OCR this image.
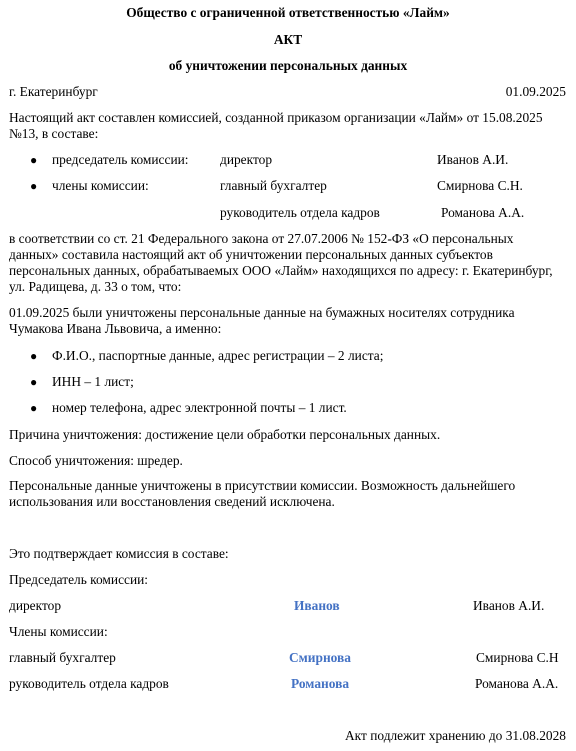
Общество с ограниченной ответственностью «Лайм»
АКТ
об уничтожении персональных данных
г. Екатеринбург	01.09.2025
Настоящий акт составлен комиссией, созданной приказом организации «Лайм» от 15.08.2025 №13, в составе:
● председатель комиссии: директор	Иванов А.И.
● члены комиссии:	главный бухгалтер	Смирнова С.Н.
руководитель отдела кадров	Романова А.А.
в соответствии со ст. 21 Федерального закона от 27.07.2006 № 152-ФЗ «О персональных данных» составила настоящий акт об уничтожении персональных данных субъектов персональных данных, обрабатываемых ООО «Лайм» находящихся по адресу: г. Екатеринбург, ул. Радищева, д. 33 о том, что:
01.09.2025 были уничтожены персональные данные на бумажных носителях сотрудника Чумакова Ивана Львовича, а именно:
● Ф.И.О., паспортные данные, адрес регистрации – 2 листа;
● ИНН – 1 лист;
● номер телефона, адрес электронной почты – 1 лист.
Причина уничтожения: достижение цели обработки персональных данных.
Способ уничтожения: шредер.
Персональные данные уничтожены в присутствии комиссии. Возможность дальнейшего использования или восстановления сведений исключена.
Это подтверждает комиссия в составе:
Председатель комиссии:
директор	Иванов	Иванов А.И.
Члены комиссии:
главный бухгалтер	Смирнова	Смирнова С.Н
руководитель отдела кадров	Романова	Романова А.А.
Акт подлежит хранению до 31.08.2028
